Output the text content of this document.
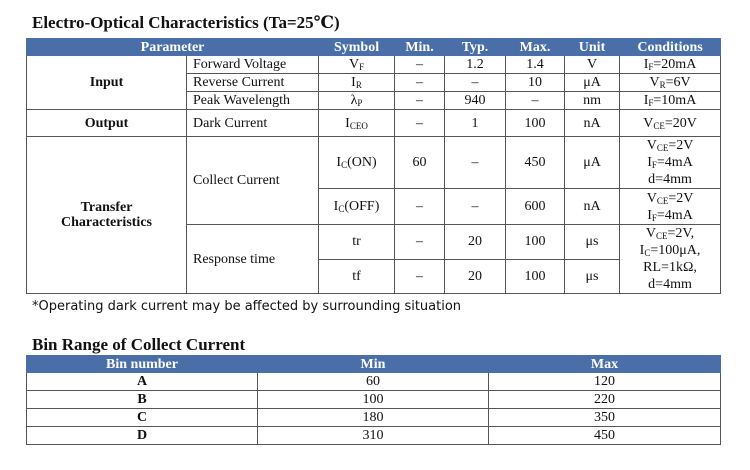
Electro-Optical Characteristics (Ta=25℃)
Parameter		Symbol	Min.	Typ.	Max.	Unit	Conditions
Input	Forward Voltage	$V_F$	–	1.2	1.4	V	$I_F=20mA$
	Reverse Current	$I_R$	–	–	10	μA	$V_R=6V$
	Peak Wavelength	$\lambda_P$	–	940	–	nm	$I_F=10mA$
Output	Dark Current	$I_{CEO}$	–	1	100	nA	$V_{CE}=20V$
Transfer
Characteristics	Collect Current	$I_C(ON)$	60	–	450	μA	$V_{CE}=2V$
$I_F=4mA$
d=4mm
		$I_C(OFF)$	–	–	600	nA	$V_{CE}=2V$
$I_F=4mA$
	Response time	tr	–	20	100	μs	$V_{CE}=2V$,
$I_C=100\mu A$,
RL=1kΩ,
d=4mm
		tf	–	20	100	μs	
*Operating dark current may be affected by surrounding situation
Bin Range of Collect Current
Bin number	Min	Max
A	60	120
B	100	220
C	180	350
D	310	450
